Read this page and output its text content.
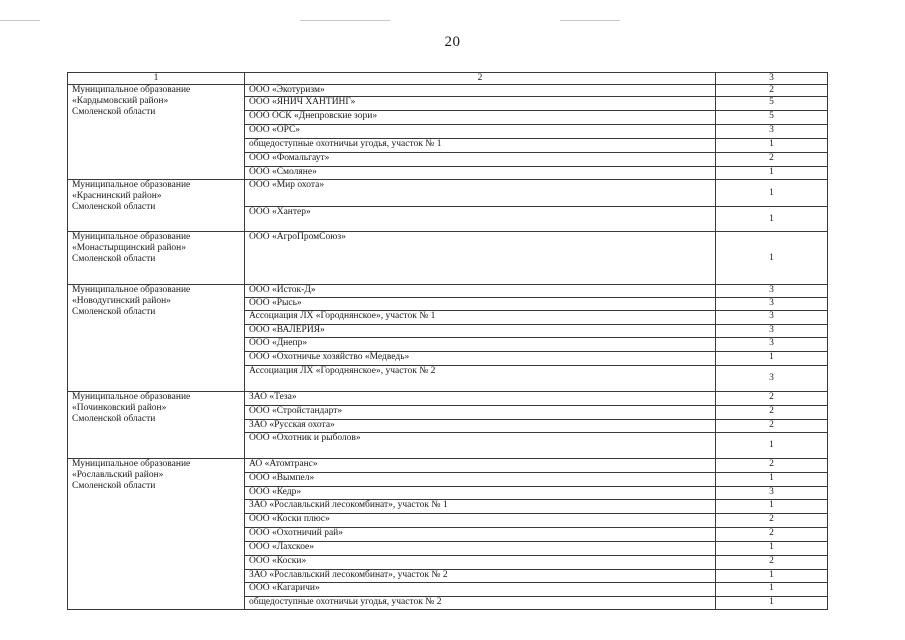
20
1	2	3
Муниципальное образование
«Кардымовский район»
Смоленской области	ООО «Экотуризм»	2
	ООО «ЯНИЧ ХАНТИНГ»	5
	ООО ОСК «Днепровские зори»	5
	ООО «ОРС»	3
	общедоступные охотничьи угодья, участок № 1	1
	ООО «Фомальгаут»	2
	ООО «Смоляне»	1
Муниципальное образование
«Краснинский район»
Смоленской области	ООО «Мир охота»	1
	ООО «Хантер»	1
Муниципальное образование
«Монастырщинский район»
Смоленской области	ООО «АгроПромСоюз»	1
Муниципальное образование
«Новодугинский район»
Смоленской области	ООО «Исток-Д»	3
	ООО «Рысь»	3
	Ассоциация ЛХ «Городнянское», участок № 1	3
	ООО «ВАЛЕРИЯ»	3
	ООО «Днепр»	3
	ООО «Охотничье хозяйство «Медведь»	1
	Ассоциация ЛХ «Городнянское», участок № 2	3
Муниципальное образование
«Починковский район»
Смоленской области	ЗАО «Теза»	2
	ООО «Стройстандарт»	2
	ЗАО «Русская охота»	2
	ООО «Охотник и рыболов»	1
Муниципальное образование
«Рославльский район»
Смоленской области	АО «Атомтранс»	2
	ООО «Вымпел»	1
	ООО «Кедр»	3
	ЗАО «Рославльский лесокомбинат», участок № 1	1
	ООО «Коски плюс»	2
	ООО «Охотничий рай»	2
	ООО «Лахское»	1
	ООО «Коски»	2
	ЗАО «Рославльский лесокомбинат», участок № 2	1
	ООО «Кагаричи»	1
	общедоступные охотничьи угодья, участок № 2	1
